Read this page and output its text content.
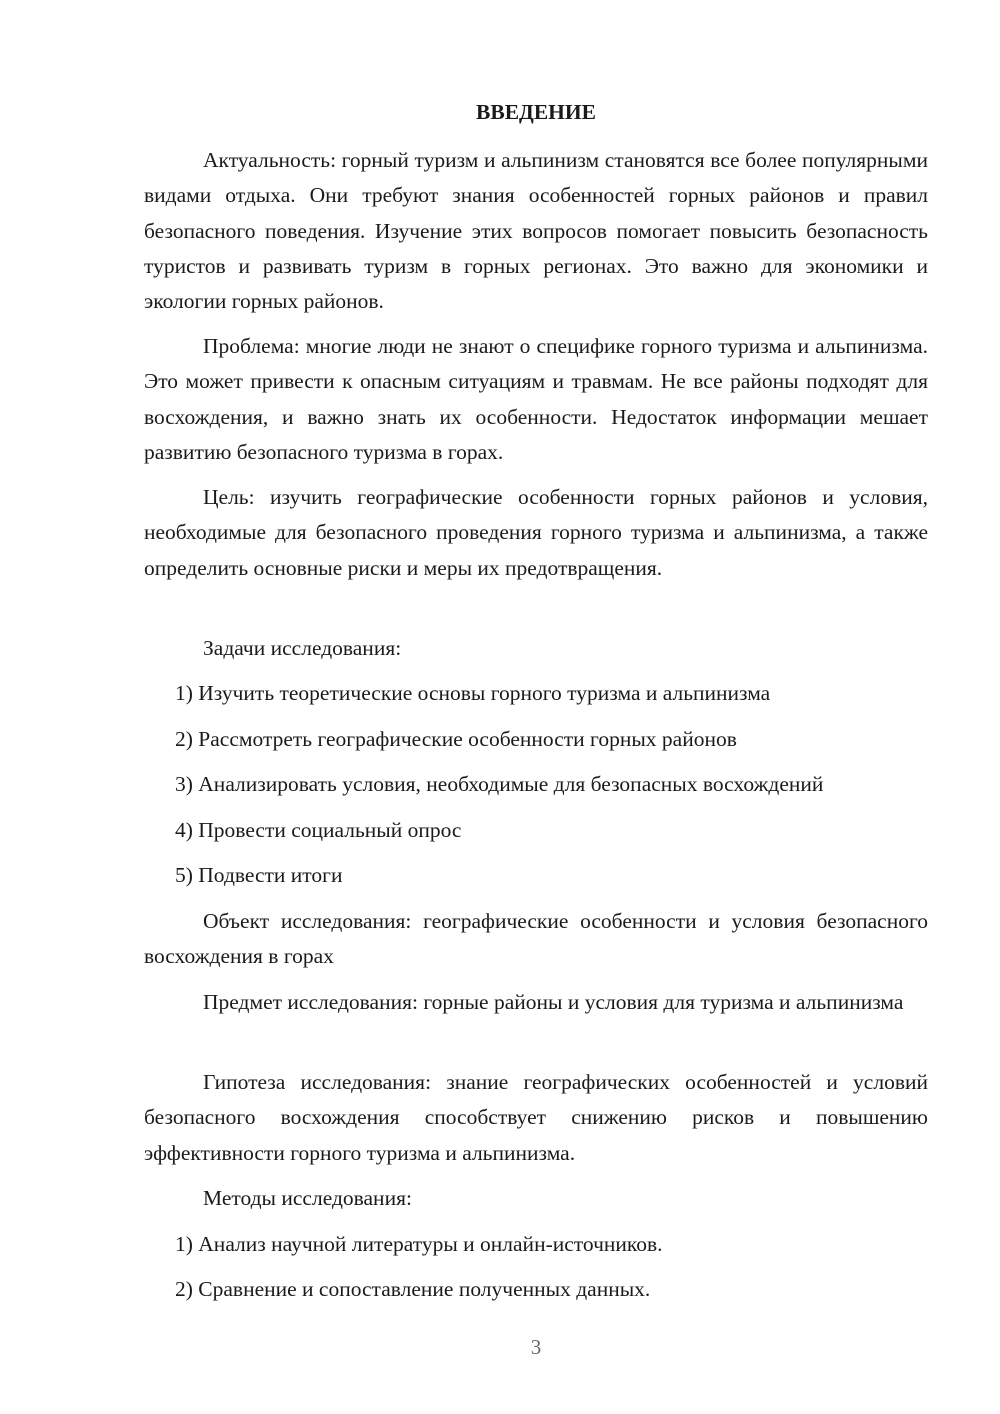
ВВЕДЕНИЕ

Актуальность: горный туризм и альпинизм становятся все более популярными видами отдыха. Они требуют знания особенностей горных районов и правил безопасного поведения. Изучение этих вопросов помогает повысить безопасность туристов и развивать туризм в горных регионах. Это важно для экономики и экологии горных районов.

Проблема: многие люди не знают о специфике горного туризма и альпинизма. Это может привести к опасным ситуациям и травмам. Не все районы подходят для восхождения, и важно знать их особенности. Недостаток информации мешает развитию безопасного туризма в горах.

Цель: изучить географические особенности горных районов и условия, необходимые для безопасного проведения горного туризма и альпинизма, а также определить основные риски и меры их предотвращения.

Задачи исследования:

1) Изучить теоретические основы горного туризма и альпинизма

2) Рассмотреть географические особенности горных районов

3) Анализировать условия, необходимые для безопасных восхождений

4) Провести социальный опрос

5) Подвести итоги

Объект исследования: географические особенности и условия безопасного восхождения в горах

Предмет исследования: горные районы и условия для туризма и альпинизма

Гипотеза исследования: знание географических особенностей и условий безопасного восхождения способствует снижению рисков и повышению эффективности горного туризма и альпинизма.

Методы исследования:

1) Анализ научной литературы и онлайн-источников.

2) Сравнение и сопоставление полученных данных.

3
